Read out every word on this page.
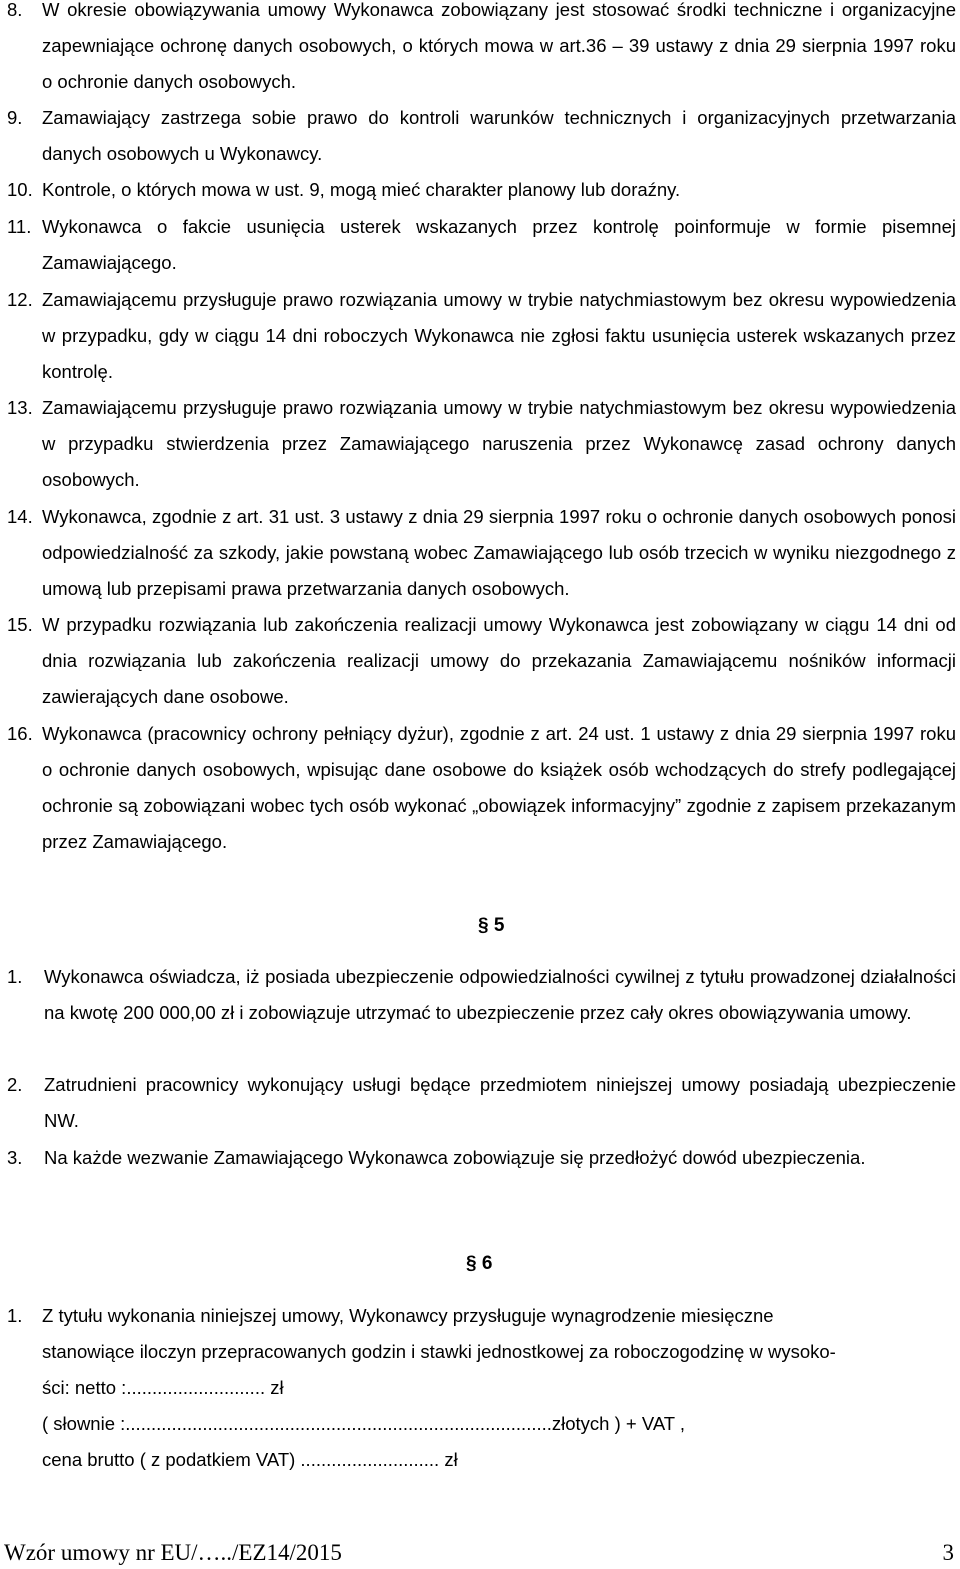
8. W okresie obowiązywania umowy Wykonawca zobowiązany jest stosować środki techniczne i organizacyjne zapewniające ochronę danych osobowych, o których mowa w art.36 – 39 ustawy z dnia 29 sierpnia 1997 roku o ochronie danych osobowych.
9. Zamawiający zastrzega sobie prawo do kontroli warunków technicznych i organizacyjnych przetwarzania danych osobowych u Wykonawcy.
10. Kontrole, o których mowa w ust. 9, mogą mieć charakter planowy lub doraźny.
11. Wykonawca o fakcie usunięcia usterek wskazanych przez kontrolę poinformuje w formie pisemnej Zamawiającego.
12. Zamawiającemu przysługuje prawo rozwiązania umowy w trybie natychmiastowym bez okresu wypowiedzenia w przypadku, gdy w ciągu 14 dni roboczych Wykonawca nie zgłosi faktu usunięcia usterek wskazanych przez kontrolę.
13. Zamawiającemu przysługuje prawo rozwiązania umowy w trybie natychmiastowym bez okresu wypowiedzenia w przypadku stwierdzenia przez Zamawiającego naruszenia przez Wykonawcę zasad ochrony danych osobowych.
14. Wykonawca, zgodnie z art. 31 ust. 3 ustawy z dnia 29 sierpnia 1997 roku o ochronie danych osobowych ponosi odpowiedzialność za szkody, jakie powstaną wobec Zamawiającego lub osób trzecich w wyniku niezgodnego z umową lub przepisami prawa przetwarzania danych osobowych.
15. W przypadku rozwiązania lub zakończenia realizacji umowy Wykonawca jest zobowiązany w ciągu 14 dni od dnia rozwiązania lub zakończenia realizacji umowy do przekazania Zamawiającemu nośników informacji zawierających dane osobowe.
16. Wykonawca (pracownicy ochrony pełniący dyżur), zgodnie z art. 24 ust. 1 ustawy z dnia 29 sierpnia 1997 roku o ochronie danych osobowych, wpisując dane osobowe do książek osób wchodzących do strefy podlegającej ochronie są zobowiązani wobec tych osób wykonać „obowiązek informacyjny” zgodnie z zapisem przekazanym przez Zamawiającego.
§ 5
1. Wykonawca oświadcza, iż posiada ubezpieczenie odpowiedzialności cywilnej z tytułu prowadzonej działalności na kwotę 200 000,00 zł i zobowiązuje utrzymać to ubezpieczenie przez cały okres obowiązywania umowy.
2. Zatrudnieni pracownicy wykonujący usługi będące przedmiotem niniejszej umowy posiadają ubezpieczenie NW.
3. Na każde wezwanie Zamawiającego Wykonawca zobowiązuje się przedłożyć dowód ubezpieczenia.
§ 6
1. Z tytułu wykonania niniejszej umowy, Wykonawcy przysługuje wynagrodzenie miesięczne
stanowiące iloczyn przepracowanych godzin i stawki jednostkowej za roboczogodzinę w wysoko-
ści: netto :........................... zł
( słownie :...................................................................................złotych ) + VAT ,
cena brutto ( z podatkiem VAT) ........................... zł
Wzór umowy nr EU/…../EZ14/2015	3
